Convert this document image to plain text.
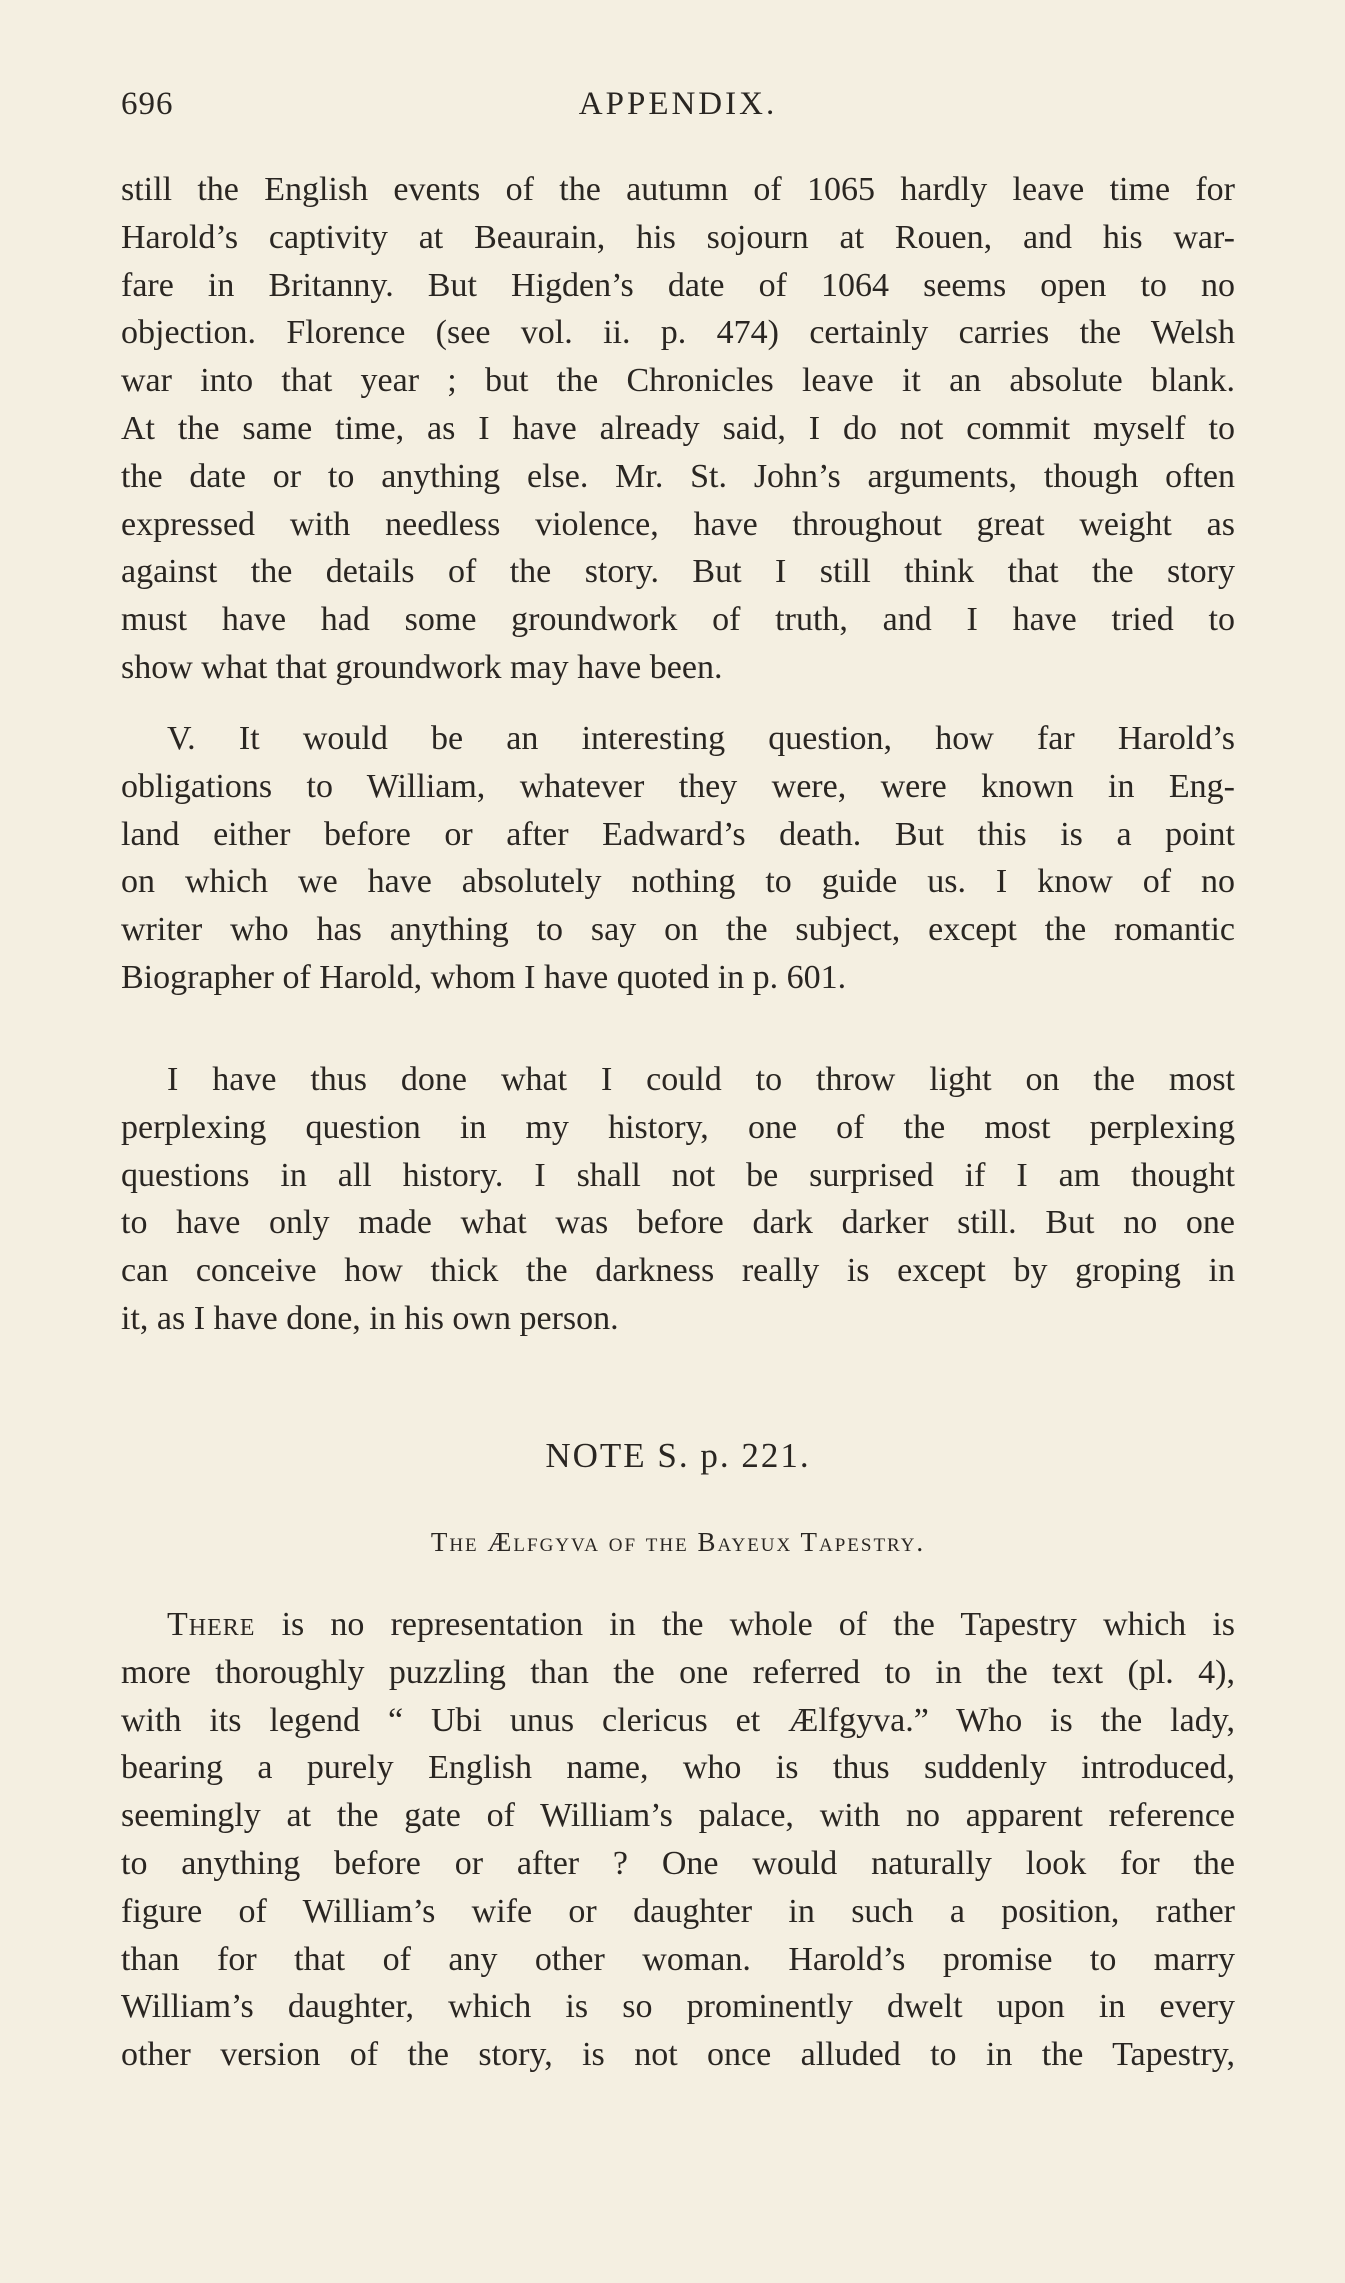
696	APPENDIX.
still the English events of the autumn of 1065 hardly leave time for
Harold’s captivity at Beaurain, his sojourn at Rouen, and his war-
fare in Britanny. But Higden’s date of 1064 seems open to no
objection. Florence (see vol. ii. p. 474) certainly carries the Welsh
war into that year ; but the Chronicles leave it an absolute blank.
At the same time, as I have already said, I do not commit myself to
the date or to anything else. Mr. St. John’s arguments, though often
expressed with needless violence, have throughout great weight as
against the details of the story. But I still think that the story
must have had some groundwork of truth, and I have tried to
show what that groundwork may have been.
V. It would be an interesting question, how far Harold’s
obligations to William, whatever they were, were known in Eng-
land either before or after Eadward’s death. But this is a point
on which we have absolutely nothing to guide us. I know of no
writer who has anything to say on the subject, except the romantic
Biographer of Harold, whom I have quoted in p. 601.
I have thus done what I could to throw light on the most
perplexing question in my history, one of the most perplexing
questions in all history. I shall not be surprised if I am thought
to have only made what was before dark darker still. But no one
can conceive how thick the darkness really is except by groping in
it, as I have done, in his own person.
NOTE S. p. 221.
The Ælfgyva of the Bayeux Tapestry.
There is no representation in the whole of the Tapestry which is
more thoroughly puzzling than the one referred to in the text (pl. 4),
with its legend “ Ubi unus clericus et Ælfgyva.” Who is the lady,
bearing a purely English name, who is thus suddenly introduced,
seemingly at the gate of William’s palace, with no apparent reference
to anything before or after ? One would naturally look for the
figure of William’s wife or daughter in such a position, rather
than for that of any other woman. Harold’s promise to marry
William’s daughter, which is so prominently dwelt upon in every
other version of the story, is not once alluded to in the Tapestry,
